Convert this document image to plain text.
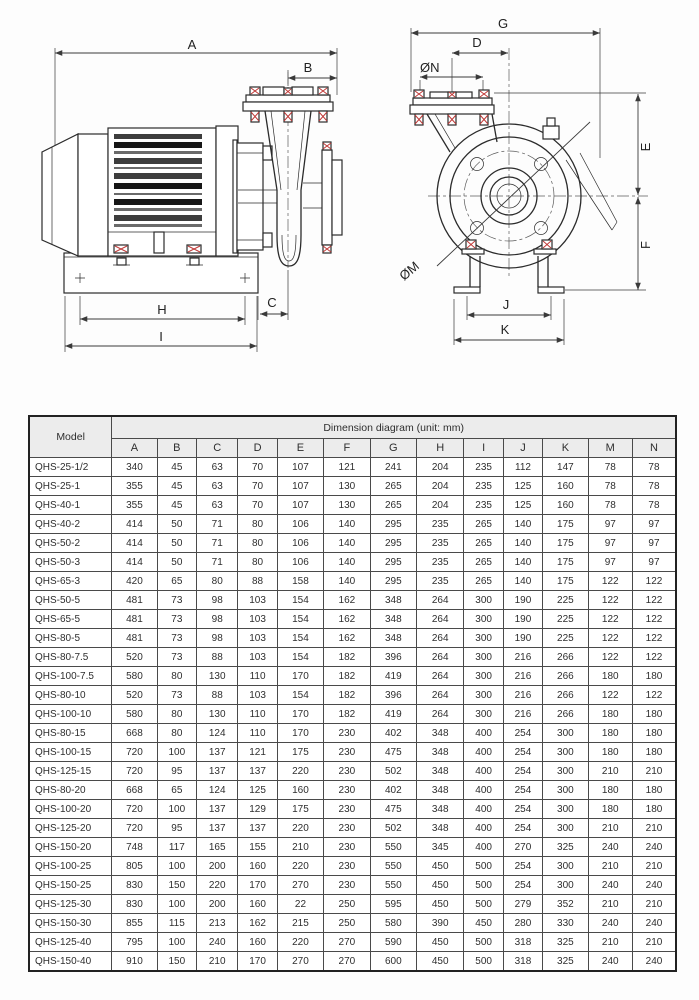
A
B
H
I
C
G
D
ØN
ØM
E
F
J
K
Model	Dimension diagram (unit: mm)												
	A	B	C	D	E	F	G	H	I	J	K	M	N
QHS-25-1/2	340	45	63	70	107	121	241	204	235	112	147	78	78
QHS-25-1	355	45	63	70	107	130	265	204	235	125	160	78	78
QHS-40-1	355	45	63	70	107	130	265	204	235	125	160	78	78
QHS-40-2	414	50	71	80	106	140	295	235	265	140	175	97	97
QHS-50-2	414	50	71	80	106	140	295	235	265	140	175	97	97
QHS-50-3	414	50	71	80	106	140	295	235	265	140	175	97	97
QHS-65-3	420	65	80	88	158	140	295	235	265	140	175	122	122
QHS-50-5	481	73	98	103	154	162	348	264	300	190	225	122	122
QHS-65-5	481	73	98	103	154	162	348	264	300	190	225	122	122
QHS-80-5	481	73	98	103	154	162	348	264	300	190	225	122	122
QHS-80-7.5	520	73	88	103	154	182	396	264	300	216	266	122	122
QHS-100-7.5	580	80	130	110	170	182	419	264	300	216	266	180	180
QHS-80-10	520	73	88	103	154	182	396	264	300	216	266	122	122
QHS-100-10	580	80	130	110	170	182	419	264	300	216	266	180	180
QHS-80-15	668	80	124	110	170	230	402	348	400	254	300	180	180
QHS-100-15	720	100	137	121	175	230	475	348	400	254	300	180	180
QHS-125-15	720	95	137	137	220	230	502	348	400	254	300	210	210
QHS-80-20	668	65	124	125	160	230	402	348	400	254	300	180	180
QHS-100-20	720	100	137	129	175	230	475	348	400	254	300	180	180
QHS-125-20	720	95	137	137	220	230	502	348	400	254	300	210	210
QHS-150-20	748	117	165	155	210	230	550	345	400	270	325	240	240
QHS-100-25	805	100	200	160	220	230	550	450	500	254	300	210	210
QHS-150-25	830	150	220	170	270	230	550	450	500	254	300	240	240
QHS-125-30	830	100	200	160	22	250	595	450	500	279	352	210	210
QHS-150-30	855	115	213	162	215	250	580	390	450	280	330	240	240
QHS-125-40	795	100	240	160	220	270	590	450	500	318	325	210	210
QHS-150-40	910	150	210	170	270	270	600	450	500	318	325	240	240
